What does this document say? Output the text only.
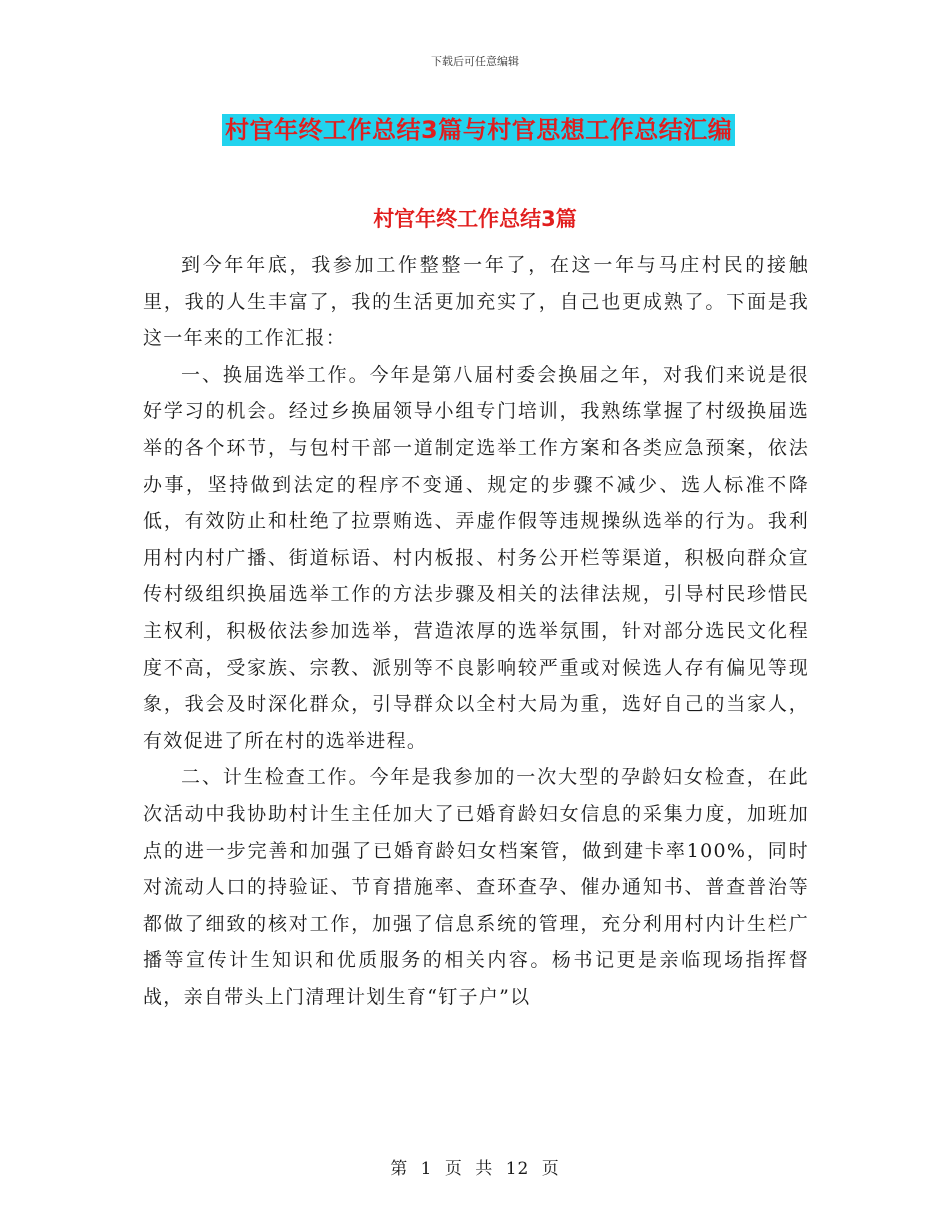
下载后可任意编辑
村官年终工作总结3篇与村官思想工作总结汇编
村官年终工作总结3篇

到今年年底，我参加工作整整一年了，在这一年与马庄村民的接触里，我的人生丰富了，我的生活更加充实了，自己也更成熟了。下面是我这一年来的工作汇报：

一、换届选举工作。今年是第八届村委会换届之年，对我们来说是很好学习的机会。经过乡换届领导小组专门培训，我熟练掌握了村级换届选举的各个环节，与包村干部一道制定选举工作方案和各类应急预案，依法办事，坚持做到法定的程序不变通、规定的步骤不减少、选人标准不降低，有效防止和杜绝了拉票贿选、弄虚作假等违规操纵选举的行为。我利用村内村广播、街道标语、村内板报、村务公开栏等渠道，积极向群众宣传村级组织换届选举工作的方法步骤及相关的法律法规，引导村民珍惜民主权利，积极依法参加选举，营造浓厚的选举氛围，针对部分选民文化程度不高，受家族、宗教、派别等不良影响较严重或对候选人存有偏见等现象，我会及时深化群众，引导群众以全村大局为重，选好自己的当家人，有效促进了所在村的选举进程。

二、计生检查工作。今年是我参加的一次大型的孕龄妇女检查，在此次活动中我协助村计生主任加大了已婚育龄妇女信息的采集力度，加班加点的进一步完善和加强了已婚育龄妇女档案管，做到建卡率100%，同时对流动人口的持验证、节育措施率、查环查孕、催办通知书、普查普治等都做了细致的核对工作，加强了信息系统的管理，充分利用村内计生栏广播等宣传计生知识和优质服务的相关内容。杨书记更是亲临现场指挥督战，亲自带头上门清理计划生育“钉子户”以

第 1 页 共 12 页
